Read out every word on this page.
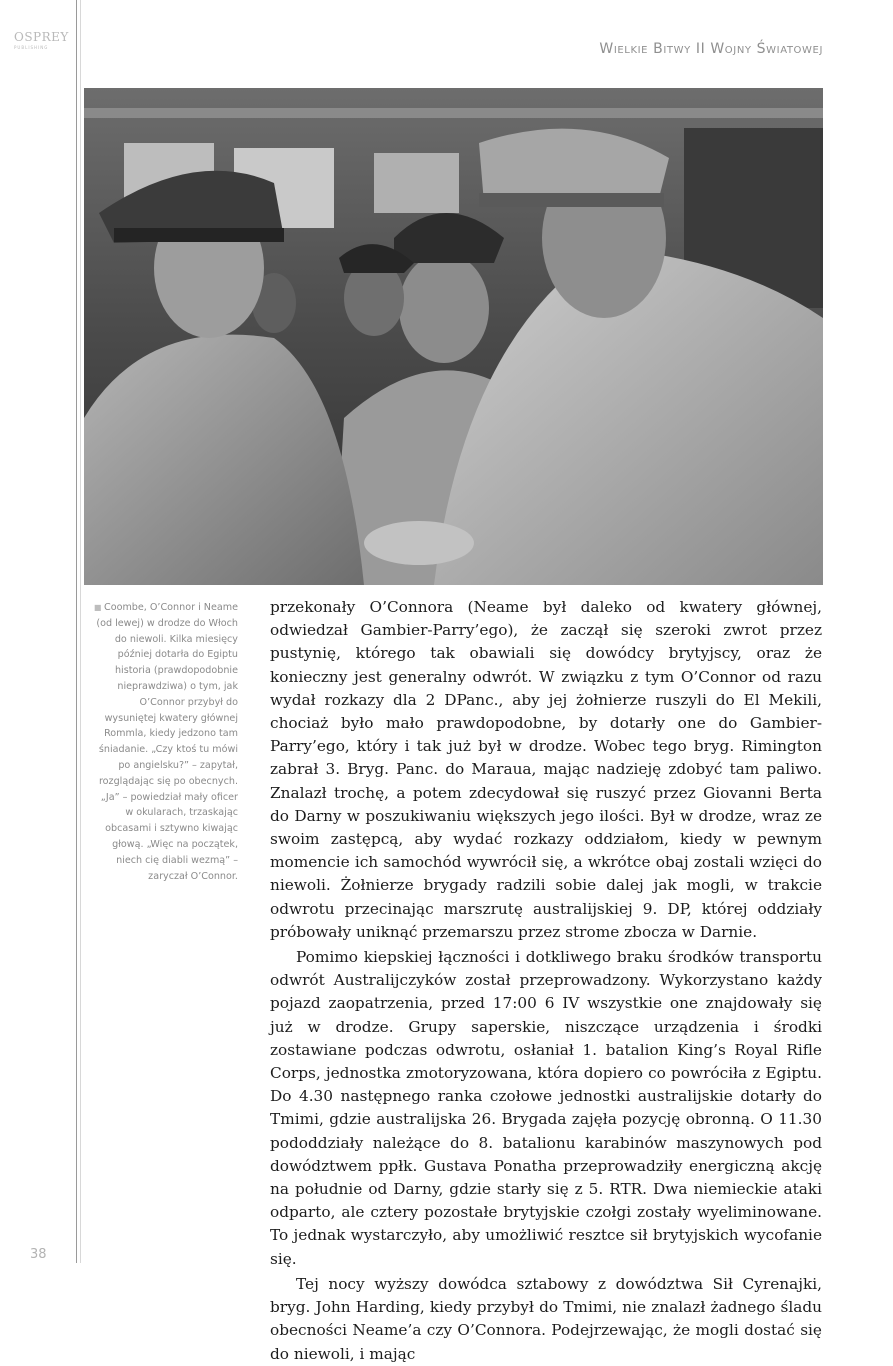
OSPREY
PUBLISHING	Wielkie Bitwy II Wojny Światowej
■ Coombe, O’Connor i Neame (od lewej) w drodze do Włoch do niewoli. Kilka miesięcy później dotarła do Egiptu historia (prawdopodobnie nieprawdziwa) o tym, jak O’Connor przybył do wysuniętej kwatery głównej Rommla, kiedy jedzono tam śniadanie. „Czy ktoś tu mówi po angielsku?” – zapytał, rozglądając się po obecnych. „Ja” – powiedział mały oficer w okularach, trzaskając obcasami i sztywno kiwając głową. „Więc na początek, niech cię diabli wezmą” – zaryczał O’Connor.

przekonały O’Connora (Neame był daleko od kwatery głównej, odwiedzał Gambier-Parry’ego), że zaczął się szeroki zwrot przez pustynię, którego tak obawiali się dowódcy brytyjscy, oraz że konieczny jest generalny odwrót. W związku z tym O’Connor od razu wydał rozkazy dla 2 DPanc., aby jej żołnierze ruszyli do El Mekili, chociaż było mało prawdopodobne, by dotarły one do Gambier-Parry’ego, który i tak już był w drodze. Wobec tego bryg. Rimington zabrał 3. Bryg. Panc. do Maraua, mając nadzieję zdobyć tam paliwo. Znalazł trochę, a potem zdecydował się ruszyć przez Giovanni Berta do Darny w poszukiwaniu większych jego ilości. Był w drodze, wraz ze swoim zastępcą, aby wydać rozkazy oddziałom, kiedy w pewnym momencie ich samochód wywrócił się, a wkrótce obaj zostali wzięci do niewoli. Żołnierze brygady radzili sobie dalej jak mogli, w trakcie odwrotu przecinając marszrutę australijskiej 9. DP, której oddziały próbowały uniknąć przemarszu przez strome zbocza w Darnie.

Pomimo kiepskiej łączności i dotkliwego braku środków transportu odwrót Australijczyków został przeprowadzony. Wykorzystano każdy pojazd zaopatrzenia, przed 17:00 6 IV wszystkie one znajdowały się już w drodze. Grupy saperskie, niszczące urządzenia i środki zostawiane podczas odwrotu, osłaniał 1. batalion King’s Royal Rifle Corps, jednostka zmotoryzowana, która dopiero co powróciła z Egiptu. Do 4.30 następnego ranka czołowe jednostki australijskie dotarły do Tmimi, gdzie australijska 26. Brygada zajęła pozycję obronną. O 11.30 pododdziały należące do 8. batalionu karabinów maszynowych pod dowództwem ppłk. Gustava Ponatha przeprowadziły energiczną akcję na południe od Darny, gdzie starły się z 5. RTR. Dwa niemieckie ataki odparto, ale cztery pozostałe brytyjskie czołgi zostały wyeliminowane. To jednak wystarczyło, aby umożliwić resztce sił brytyjskich wycofanie się.

Tej nocy wyższy dowódca sztabowy z dowództwa Sił Cyrenajki, bryg. John Harding, kiedy przybył do Tmimi, nie znalazł żadnego śladu obecności Neame’a czy O’Connora. Podejrzewając, że mogli dostać się do niewoli, i mając

38
